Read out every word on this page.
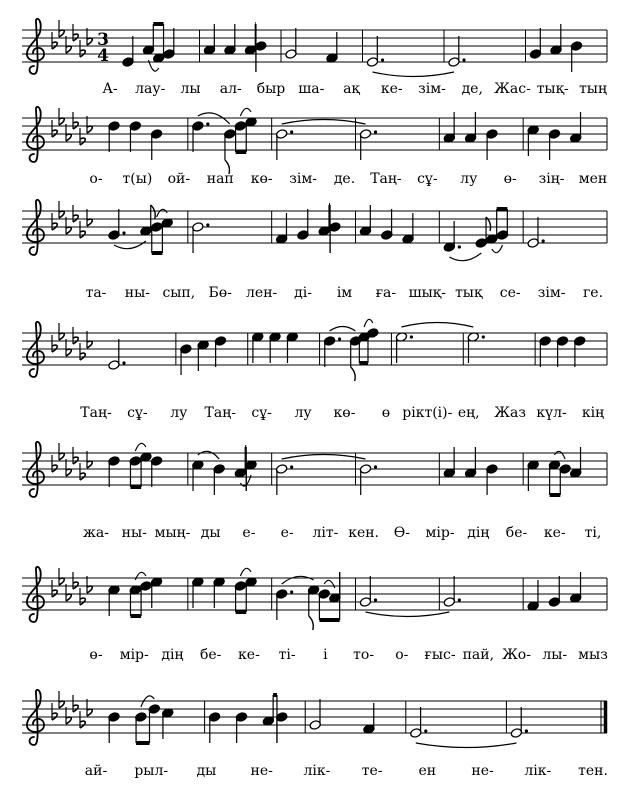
3
4
А- лау- лы ал- быр ша- ақ ке- зім- де, Жас- тық- тың
о- т(ы) ой- нап кө- зім- де. Таң- сұ- лу ө- зің- мен
та- ны- сып, Бө- лен- ді- ім ға- шық- тық се- зім- ге.
Таң- сұ- лу Таң- сұ- лу кө- ө рікт(і)- ең, Жаз күл- кің
жа- ны- мың- ды е- е- літ- кен. Ө- мір- дің бе- ке- ті,
ө- мір- дің бе- ке- ті- і то- о- ғыс- пай, Жо- лы- мыз
ай- рыл- ды не- лік- те-	ен	не- лік- тен.
